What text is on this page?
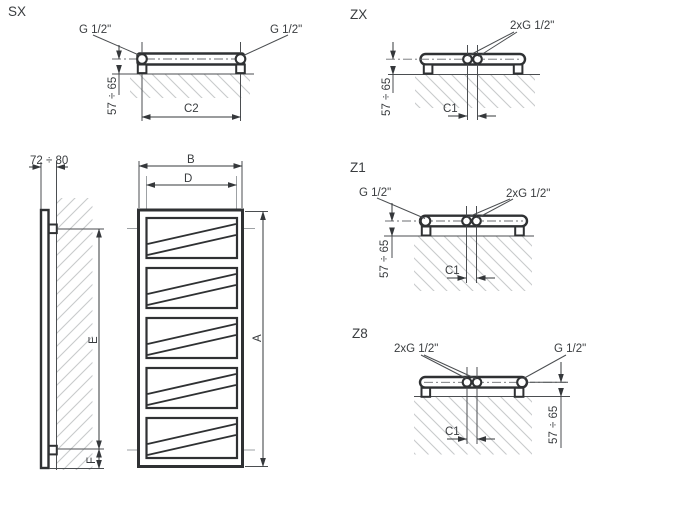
SX
G 1/2"	G 1/2"
57 ÷ 65	C2
ZX
2xG 1/2"
57 ÷ 65	C1
Z1
G 1/2"	2xG 1/2"
57 ÷ 65	C1
Z8
2xG 1/2"	G 1/2"
57 ÷ 65
C1
72 ÷ 80
E
F
B
D
A
